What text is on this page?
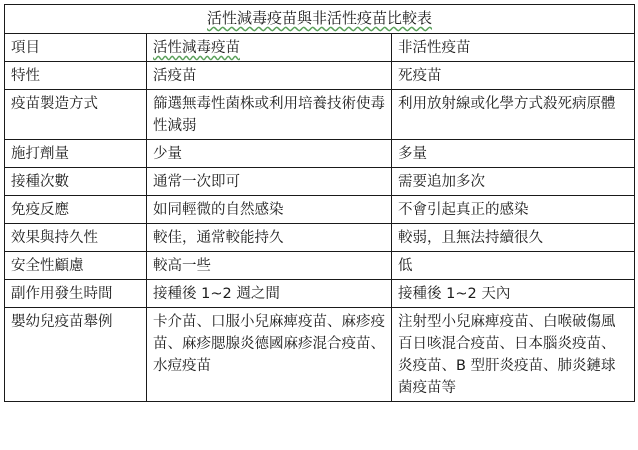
活性減毒疫苗與非活性疫苗比較表		
項目	活性減毒疫苗	非活性疫苗
特性	活疫苗	死疫苗
疫苗製造方式	篩選無毒性菌株或利用培養技術使毒性減弱	利用放射線或化學方式殺死病原體
施打劑量	少量	多量
接種次數	通常一次即可	需要追加多次
免疫反應	如同輕微的自然感染	不會引起真正的感染
效果與持久性	較佳，通常較能持久	較弱，且無法持續很久
安全性顧慮	較高一些	低
副作用發生時間	接種後 1~2 週之間	接種後 1~2 天內
嬰幼兒疫苗舉例	卡介苗、口服小兒麻痺疫苗、麻疹疫苗、麻疹腮腺炎德國麻疹混合疫苗、水痘疫苗	注射型小兒麻痺疫苗、白喉破傷風百日咳混合疫苗、日本腦炎疫苗、炎疫苗、B 型肝炎疫苗、肺炎鏈球菌疫苗等
